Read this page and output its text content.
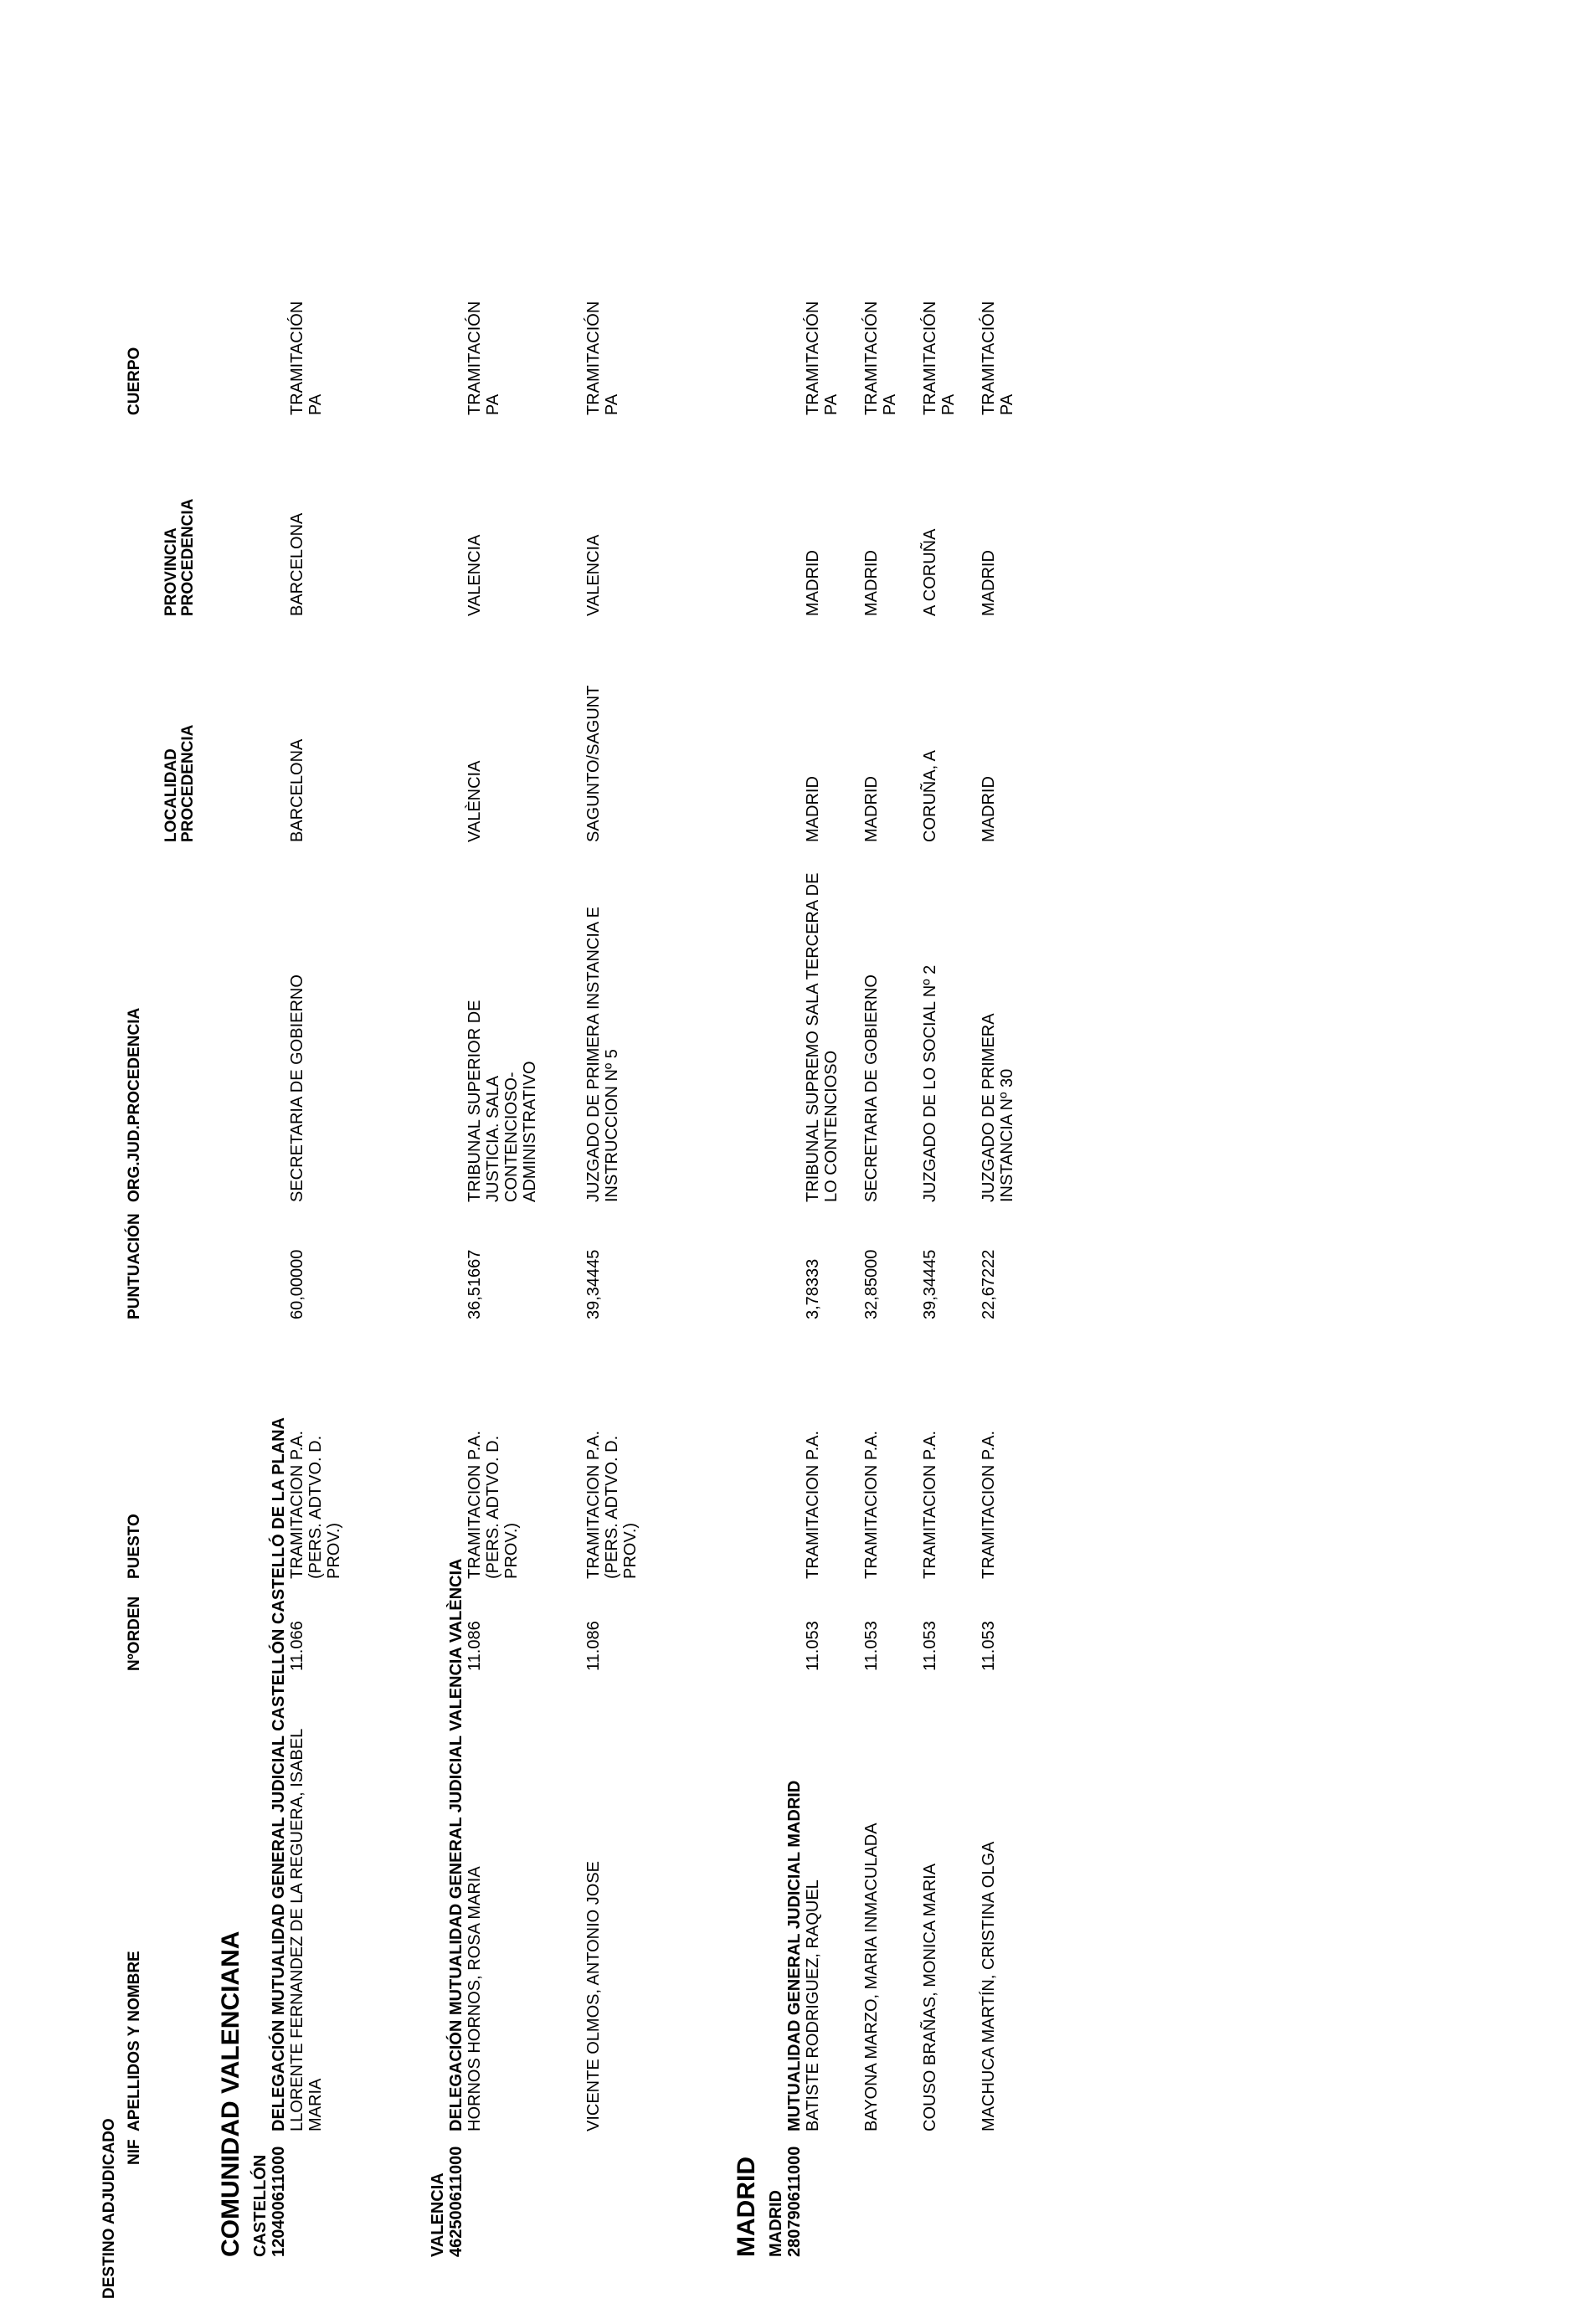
DESTINO ADJUDICADO NIF
APELLIDOS Y NOMBRE
NºORDEN
PUESTO
PUNTUACIÓN
ORG.JUD.PROCEDENCIA
LOCALIDAD PROCEDENCIA
PROVINCIA PROCEDENCIA
CUERPO
COMUNIDAD VALENCIANA CASTELLÓN 120400611000
DELEGACIÓN MUTUALIDAD GENERAL JUDICIAL CASTELLÓN CASTELLÓ DE LA PLANA LLORENTE FERNANDEZ DE LA REGUERA, ISABEL MARIA
11.066
TRAMITACION P.A. (PERS. ADTVO. D. PROV.)
60,00000
SECRETARIA DE GOBIERNO
BARCELONA
BARCELONA
TRAMITACIÓN PA
VALENCIA 462500611000
DELEGACIÓN MUTUALIDAD GENERAL JUDICIAL VALENCIA VALÈNCIA HORNOS HORNOS, ROSA MARIA
11.086
TRAMITACION P.A. (PERS. ADTVO. D. PROV.)
36,51667
TRIBUNAL SUPERIOR DE JUSTICIA. SALA CONTENCIOSO-ADMINISTRATIVO
VALÈNCIA
VALENCIA
TRAMITACIÓN PA
VICENTE OLMOS, ANTONIO JOSE
11.086
TRAMITACION P.A. (PERS. ADTVO. D. PROV.)
39,34445
JUZGADO DE PRIMERA INSTANCIA E INSTRUCCION Nº 5
SAGUNTO/SAGUNT
VALENCIA
TRAMITACIÓN PA
MADRID MADRID 280790611000
MUTUALIDAD GENERAL JUDICIAL MADRID BATISTE RODRIGUEZ, RAQUEL
11.053
TRAMITACION P.A.
3,78333
TRIBUNAL SUPREMO SALA TERCERA DE LO CONTENCIOSO
MADRID
MADRID
TRAMITACIÓN PA
BAYONA MARZO, MARIA INMACULADA
11.053
TRAMITACION P.A.
32,85000
SECRETARIA DE GOBIERNO
MADRID
MADRID
TRAMITACIÓN PA
COUSO BRAÑAS, MONICA MARIA
11.053
TRAMITACION P.A.
39,34445
JUZGADO DE LO SOCIAL Nº 2
CORUÑA, A
A CORUÑA
TRAMITACIÓN PA
MACHUCA MARTÍN, CRISTINA OLGA
11.053
TRAMITACION P.A.
22,67222
JUZGADO DE PRIMERA INSTANCIA Nº 30
MADRID
MADRID
TRAMITACIÓN PA
